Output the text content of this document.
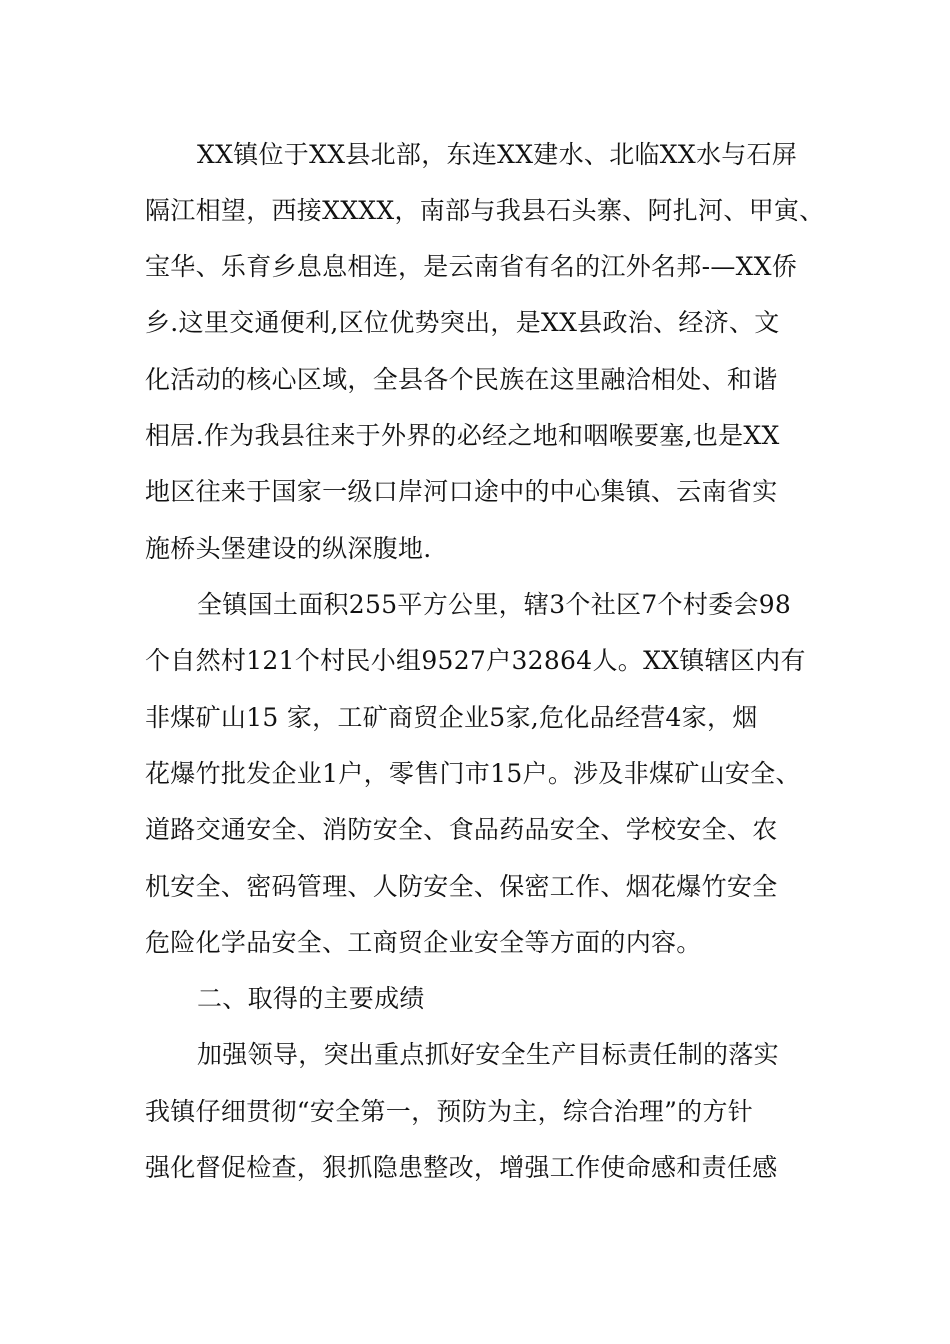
XX镇位于XX县北部，东连XX建水、北临XX水与石屏
隔江相望，西接XXXX，南部与我县石头寨、阿扎河、甲寅、
宝华、乐育乡息息相连，是云南省有名的江外名邦-—XX侨
乡.这里交通便利,区位优势突出，是XX县政治、经济、文
化活动的核心区域，全县各个民族在这里融洽相处、和谐
相居.作为我县往来于外界的必经之地和咽喉要塞,也是XX
地区往来于国家一级口岸河口途中的中心集镇、云南省实
施桥头堡建设的纵深腹地.
全镇国土面积255平方公里，辖3个社区7个村委会98
个自然村121个村民小组9527户32864人。XX镇辖区内有
非煤矿山15 家，工矿商贸企业5家,危化品经营4家，烟
花爆竹批发企业1户，零售门市15户。涉及非煤矿山安全、
道路交通安全、消防安全、食品药品安全、学校安全、农
机安全、密码管理、人防安全、保密工作、烟花爆竹安全
危险化学品安全、工商贸企业安全等方面的内容。
二、取得的主要成绩
加强领导，突出重点抓好安全生产目标责任制的落实
我镇仔细贯彻“安全第一，预防为主，综合治理”的方针
强化督促检查，狠抓隐患整改，增强工作使命感和责任感
